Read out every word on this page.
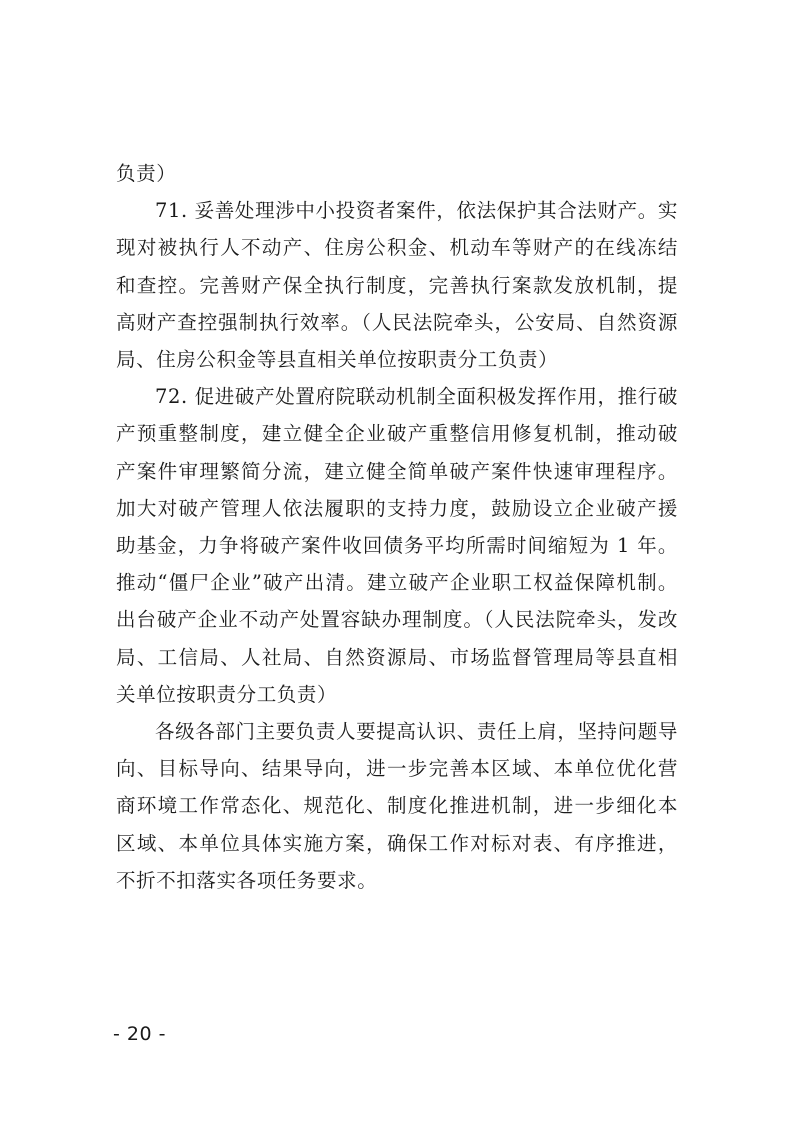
负责）

71. 妥善处理涉中小投资者案件，依法保护其合法财产。实现对被执行人不动产、住房公积金、机动车等财产的在线冻结和查控。完善财产保全执行制度，完善执行案款发放机制，提高财产查控强制执行效率。（人民法院牵头，公安局、自然资源局、住房公积金等县直相关单位按职责分工负责）

72. 促进破产处置府院联动机制全面积极发挥作用，推行破产预重整制度，建立健全企业破产重整信用修复机制，推动破产案件审理繁简分流，建立健全简单破产案件快速审理程序。加大对破产管理人依法履职的支持力度，鼓励设立企业破产援助基金，力争将破产案件收回债务平均所需时间缩短为 1 年。推动“僵尸企业”破产出清。建立破产企业职工权益保障机制。出台破产企业不动产处置容缺办理制度。（人民法院牵头，发改局、工信局、人社局、自然资源局、市场监督管理局等县直相关单位按职责分工负责）

各级各部门主要负责人要提高认识、责任上肩，坚持问题导向、目标导向、结果导向，进一步完善本区域、本单位优化营商环境工作常态化、规范化、制度化推进机制，进一步细化本区域、本单位具体实施方案，确保工作对标对表、有序推进，不折不扣落实各项任务要求。

- 20 -
